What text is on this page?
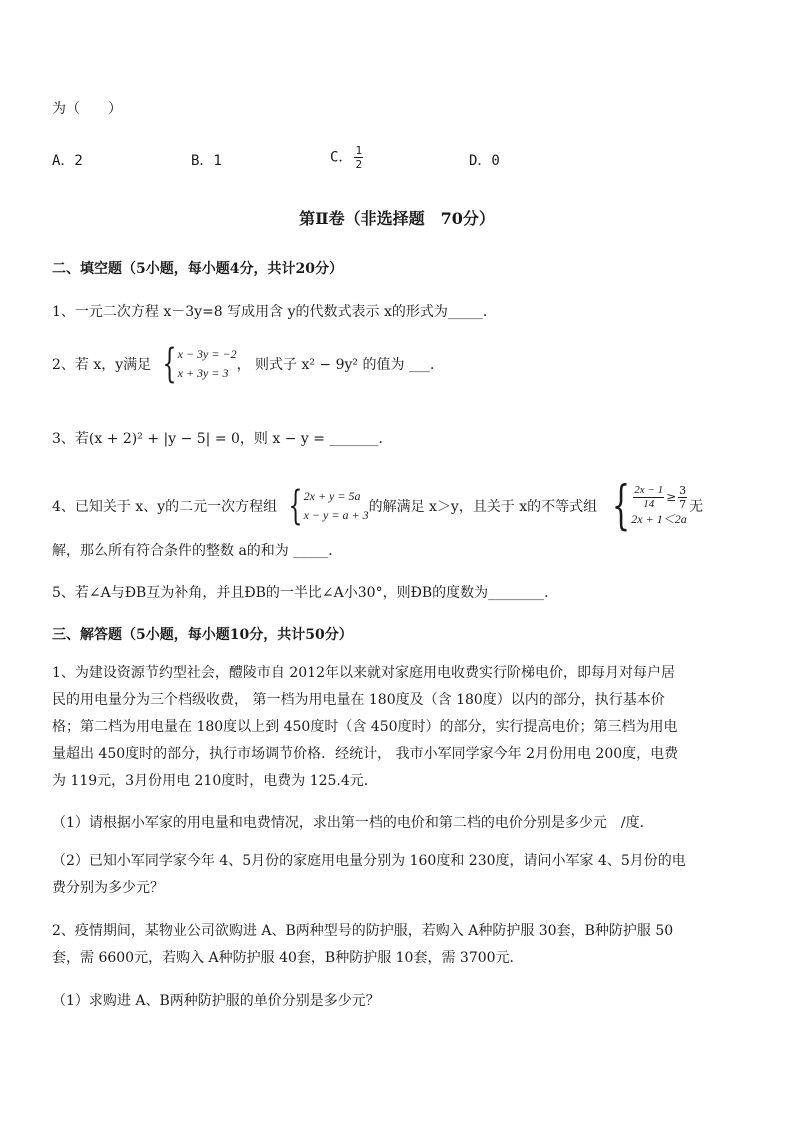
为（　　）
A．2	B．1	C． $\frac{1}{2}$	D．0
第Ⅱ卷（非选择题　70分）
二、填空题（5小题，每小题4分，共计20分）
1、一元二次方程 x－3y=8 写成用含 y的代数式表示 x的形式为_____．
2、若 x，y满足 { x − 3y = −2
x + 3y = 3 ， 则式子 x² − 9y² 的值为 ___．
3、若(x + 2)² + |y − 5| = 0，则 x − y = _______．
4、已知关于 x、y的二元一次方程组 { 2x + y = 5a
x − y = a + 3 的解满足 x＞y，且关于 x的不等式组 { $\frac{2x - 1}{14} \ge \frac{3}{7}$
2x + 1＜2a
无
解，那么所有符合条件的整数 a的和为 _____．
5、若∠A与ÐB互为补角，并且ÐB的一半比∠A小30°，则ÐB的度数为________．
三、解答题（5小题，每小题10分，共计50分）
1、为建设资源节约型社会，醴陵市自 2012年以来就对家庭用电收费实行阶梯电价，即每月对每户居
民的用电量分为三个档级收费， 第一档为用电量在 180度及（含 180度）以内的部分，执行基本价
格；第二档为用电量在 180度以上到 450度时（含 450度时）的部分，实行提高电价；第三档为用电
量超出 450度时的部分，执行市场调节价格．经统计， 我市小军同学家今年 2月份用电 200度，电费
为 119元，3月份用电 210度时，电费为 125.4元．
（1）请根据小军家的用电量和电费情况，求出第一档的电价和第二档的电价分别是多少元　/度．
（2）已知小军同学家今年 4、5月份的家庭用电量分别为 160度和 230度，请问小军家 4、5月份的电
费分别为多少元？
2、疫情期间，某物业公司欲购进 A、B两种型号的防护服，若购入 A种防护服 30套，B种防护服 50
套，需 6600元，若购入 A种防护服 40套，B种防护服 10套，需 3700元．
（1）求购进 A、B两种防护服的单价分别是多少元？
